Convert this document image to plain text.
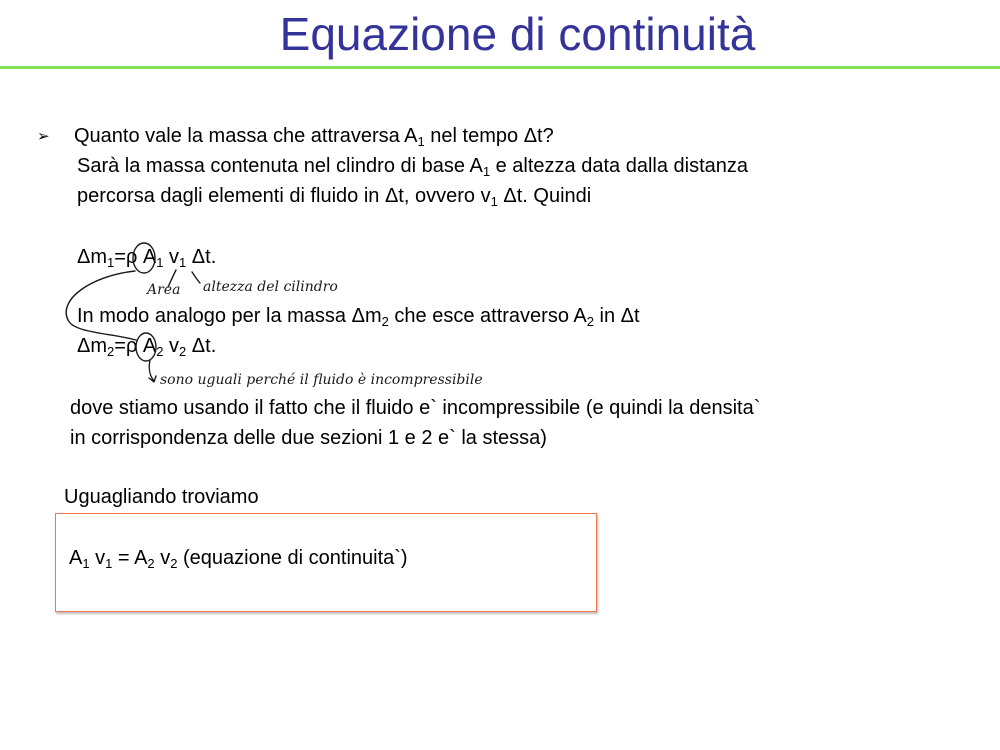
Equazione di continuità
➢ Quanto vale la massa che attraversa $A_1$ nel tempo Δt?
Sarà la massa contenuta nel clindro di base $A_1$ e altezza data dalla distanza
percorsa dagli elementi di fluido in Δt, ovvero $v_1$ Δt. Quindi
$\Delta m_1=\rho$ $A_1$ $v_1$ Δt.
In modo analogo per la massa $\Delta m_2$ che esce attraverso $A_2$ in Δt
$\Delta m_2=\rho$ $A_2$ $v_2$ Δt.
dove stiamo usando il fatto che il fluido e` incompressibile (e quindi la densita`
in corrispondenza delle due sezioni 1 e 2 e` la stessa)
Uguagliando troviamo
$A_1$ $v_1 = A_2$ $v_2$ (equazione di continuita`)
Area altezza del cilindro
sono uguali perché il fluido è incompressibile
